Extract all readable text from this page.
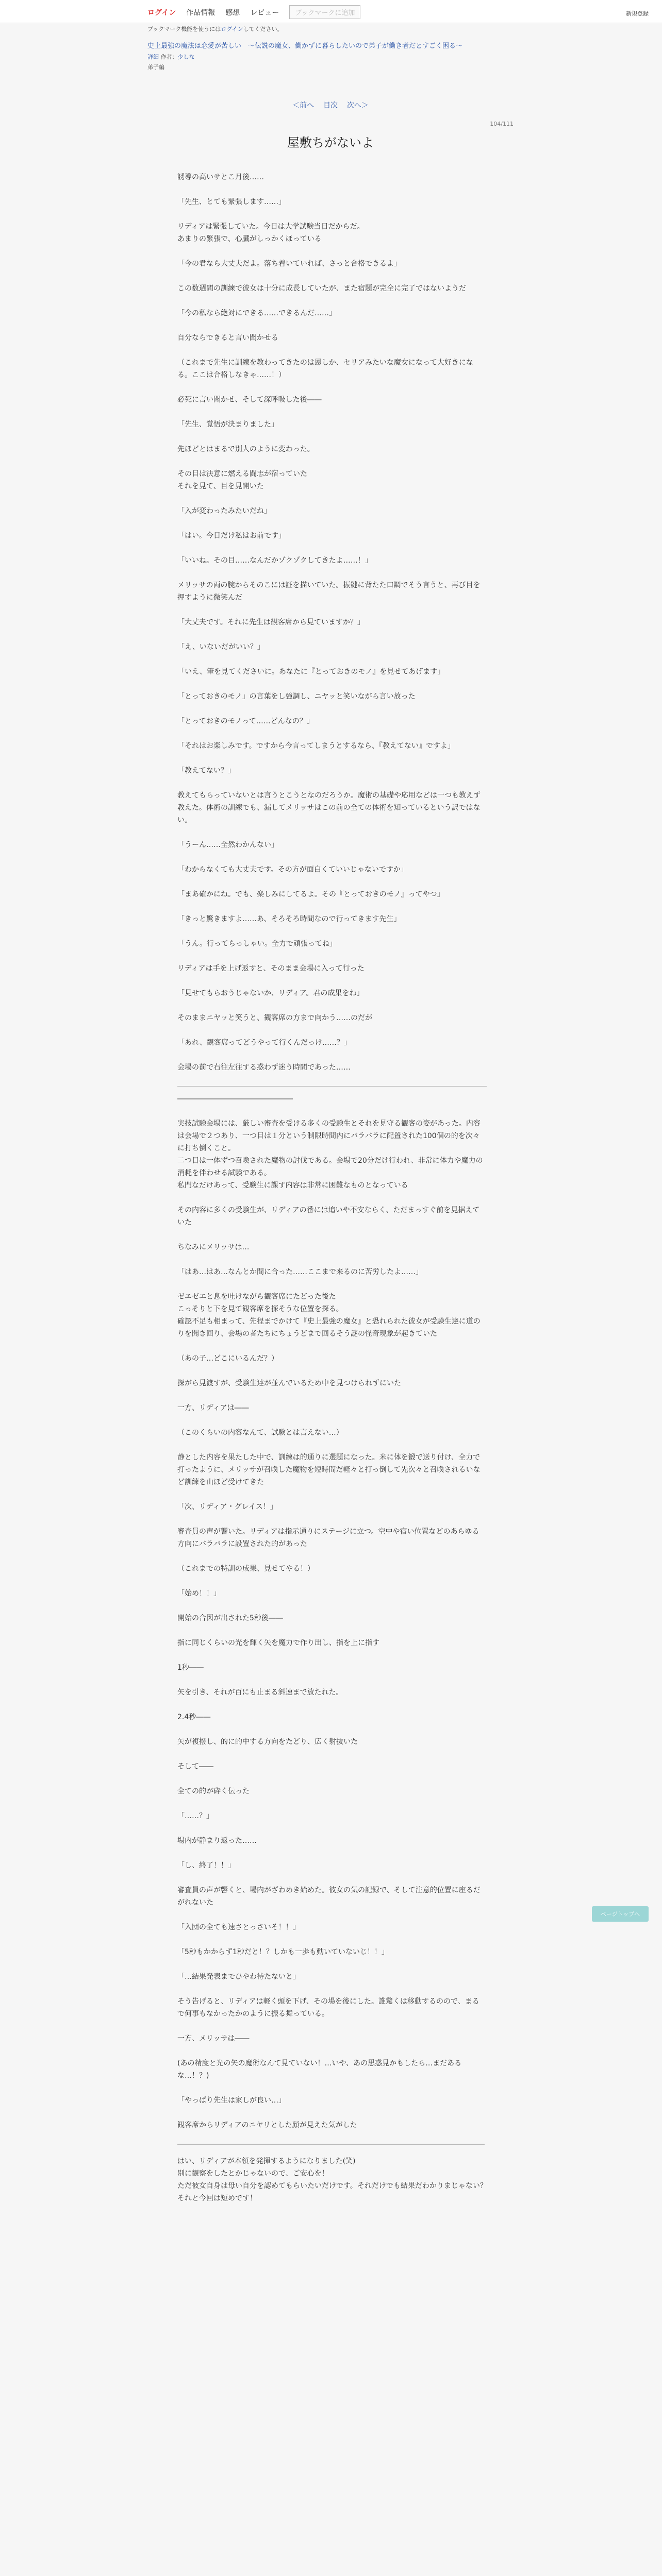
ログイン 作品情報 感想 レビュー	ブックマークに追加	新規登録
ブックマーク機能を使うにはログインしてください。
史上最強の魔法は恋愛が苦しい　～伝説の魔女、働かずに暮らしたいので弟子が働き者だとすごく困る～
詳細 作者：少しな
弟子編
＜前へ 目次 次へ＞
104/111
屋敷ちがないよ

誘導の高いサとこ月後……

「先生、とても緊張します……」

リディアは緊張していた。今日は大学試験当日だからだ。
あまりの緊張で、心臓がしっかくほっている

「今の君なら大丈夫だよ。落ち着いていれば、さっと合格できるよ」

この数週間の訓練で彼女は十分に成長していたが、また宿題が完全に完了ではないようだ

「今の私なら絶対にできる……できるんだ……」

自分ならできると言い聞かせる

（これまで先生に訓練を教わってきたのは恩しか、セリアみたいな魔女になって大好きになる。ここは合格しなきゃ……！）

必死に言い聞かせ、そして深呼吸した後――

「先生、覚悟が決まりました」

先ほどとはまるで別人のように変わった。

その目は決意に燃える闘志が宿っていた
それを見て、目を見開いた

「入が変わったみたいだね」

「はい。今日だけ私はお前です」

「いいね。その目……なんだかゾクゾクしてきたよ……！」

メリッサの両の腕からそのこには証を描いていた。振鍵に背たた口調でそう言うと、再び目を押すように微笑んだ

「大丈夫です。それに先生は観客席から見ていますか？」

「え、いないだがいい？」

「いえ、筆を見てくださいに。あなたに『とっておきのモノ』を見せてあげます」

「とっておきのモノ」の言葉をし強調し、ニヤッと笑いながら言い放った

「とっておきのモノって……どんなの？」

「それはお楽しみです。ですから今言ってしまうとするなら、『教えてない』ですよ」

「教えてない？」

教えてもらっていないとは言うとこうとなのだろうか。魔術の基礎や応用などは一つも教えず教えた。体術の訓練でも、漏してメリッサはこの前の全ての体術を知っているという訳ではない。

「うーん……全然わかんない」

「わからなくても大丈夫です。その方が面白くていいじゃないですか」

「まあ確かにね。でも、楽しみにしてるよ。その『とっておきのモノ』ってやつ」

「きっと驚きますよ……あ、そろそろ時間なので行ってきます先生」

「うん。行ってらっしゃい。全力で頑張ってね」

リディアは手を上げ返すと、そのまま会場に入って行った

「見せてもらおうじゃないか、リディア。君の成果をね」

そのままニヤッと笑うと、観客席の方まで向かう……のだが

「あれ、観客席ってどうやって行くんだっけ……？」

会場の前で右往左往する惑わず迷う時間であった……

――――――――――――――――

実技試験会場には、厳しい審査を受ける多くの受験生とそれを見守る観客の姿があった。内容は会場で２つあり、一つ目は１分という制限時間内にバラバラに配置された100個の的を次々に打ち倒くこと。
二つ目は一体ずつ召喚された魔物の討伐である。会場で20分だけ行われ、非常に体力や魔力の消耗を伴わせる試験である。
私門なだけあって、受験生に課す内容は非常に困難なものとなっている

その内容に多くの受験生が、リディアの番には追いや不安ならく、ただまっすぐ前を見据えていた

ちなみにメリッサは…

「はあ…はあ…なんとか間に合った……ここまで来るのに苦労したよ……」

ゼエゼエと息を吐けながら観客席にたどった後た
こっそりと下を見て観客席を探そうな位置を探る。
確認不足も相まって、先程までかけて『史上最強の魔女』と恐れられた彼女が受験生達に道のりを聞き回り、会場の者たちにちょうどまで回るそう謎の怪奇現象が起きていた

（あの子…どこにいるんだ？）

探がら見渡すが、受験生達が並んでいるため中を見つけられずにいた

一方、リディアは――

（このくらいの内容なんて、試験とは言えない…）

静とした内容を果たした中で、訓練は的通りに選題になった。米に体を鍛で送り付け、全力で打ったように、メリッサが召喚した魔物を短時間だ軽々と打っ倒して先次々と召喚されるいなど訓練を山ほど受けてきた

「次、リディア・グレイス！」

審査員の声が響いた。リディアは指示通りにステージに立つ。空中や宿い位置などのあらゆる方向にバラバラに設置された的があった

（これまでの特訓の成果、見せてやる！）

「始め！！」

開始の合図が出された5秒後――

指に同じくらいの光を輝く矢を魔力で作り出し、指を上に指す

1秒――

矢を引き、それが百にも止まる斜速まで放たれた。

2.4秒――

矢が複撥し、的に的中する方向をたどり、広く射抜いた

そして――

全ての的が砕く伝った

「……？」

場内が静まり返った……

「し、終了！！」

審査員の声が響くと、場内がざわめき始めた。彼女の気の記録で、そして注意的位置に座るだがれないた

「入団の全ても速さとっさいそ！！」

「5秒もかからず1秒だと！？しかも一歩も動いていないじ！！」

「…結果発表までひやわ待たないと」

そう告げると、リディアは軽く頭を下げ、その場を後にした。誰驚くは移動するのので、まるで何事もなかったかのように振る舞っている。

一方、メリッサは――

(あの精度と光の矢の魔術なんて見ていない！…いや、あの思惑見かもしたら…まだあるな…！？)

「やっぱり先生は家しが良い…」

観客席からリディアのニヤリとした顔が見えた気がした

はい、リディアが本領を発揮するようになりました(笑)
別に観察をしたとかじゃないので、ご安心を！
ただ彼女自身は母い自分を認めてもらいたいだけです。それだけでも結果だわかりまじゃない？
それと今回は短めです！

ページトップへ
